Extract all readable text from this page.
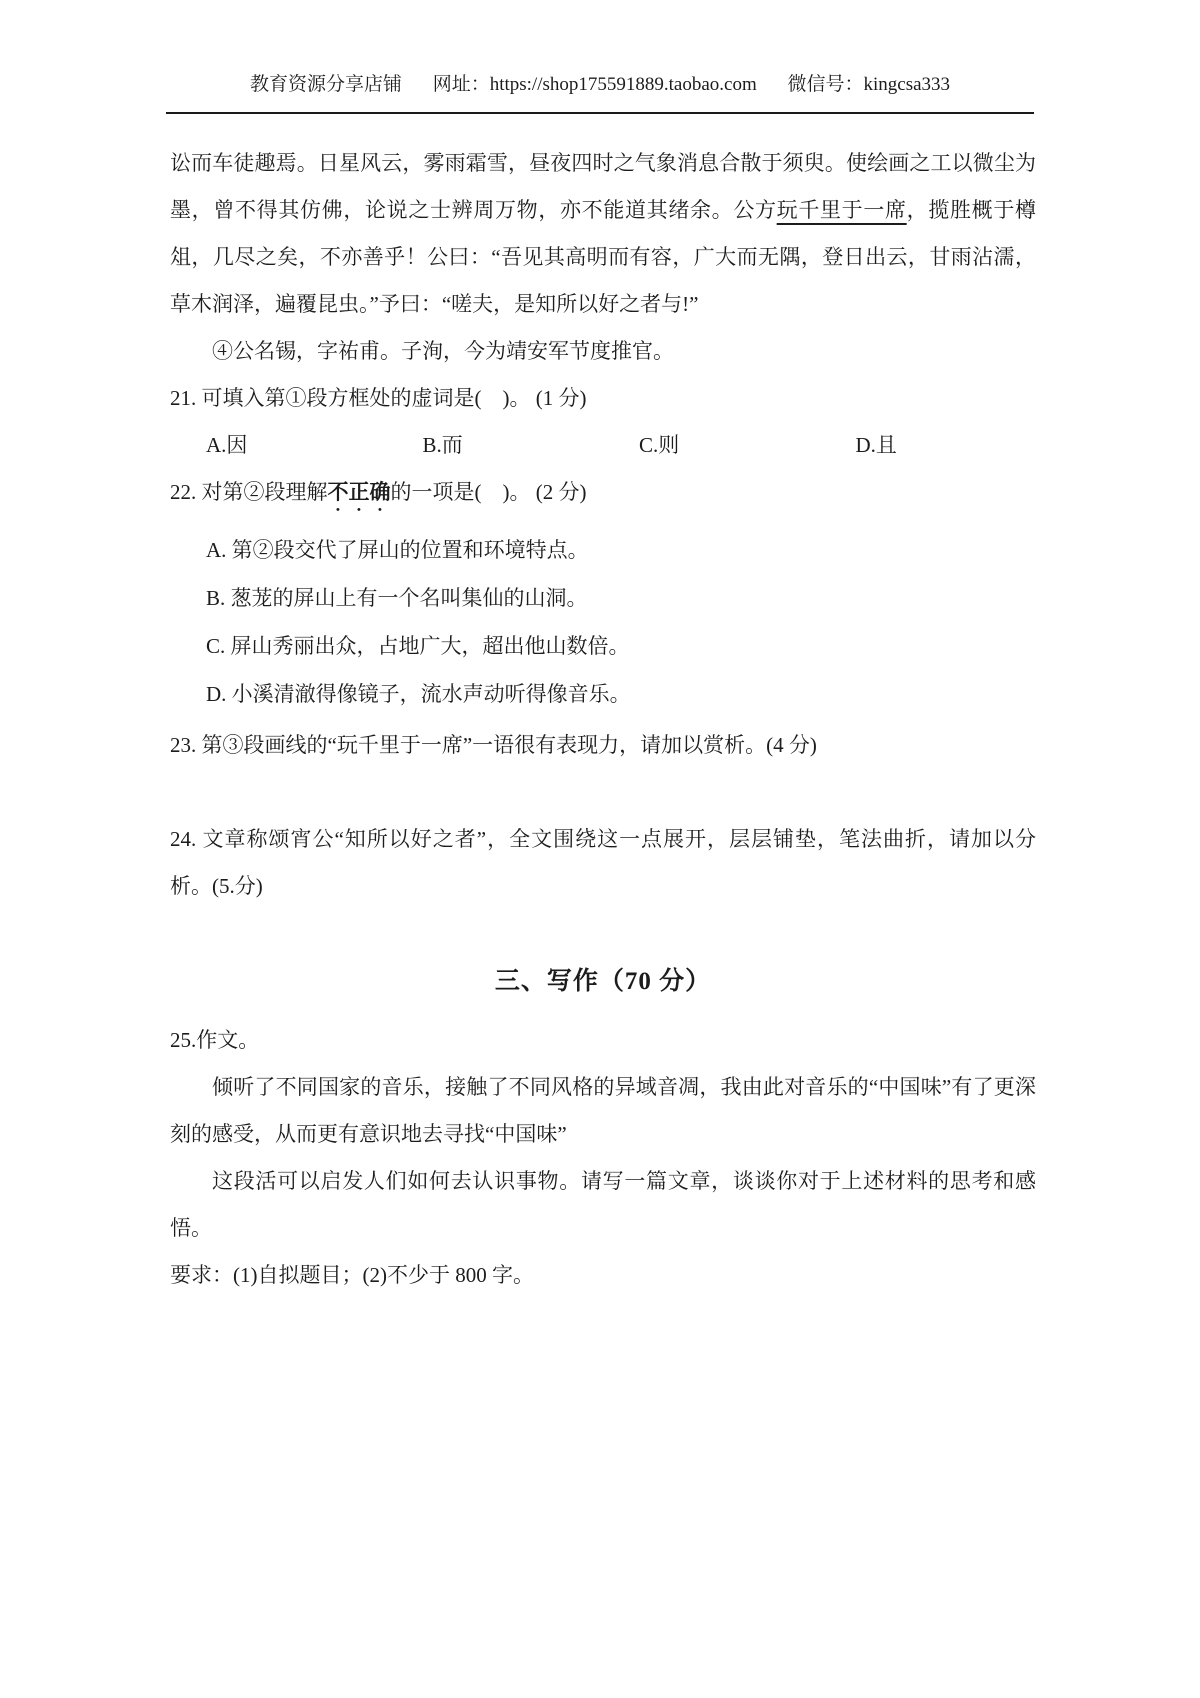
教育资源分享店铺 网址：https://shop175591889.taobao.com 微信号：kingcsa333

讼而车徒趣焉。日星风云，雾雨霜雪，昼夜四时之气象消息合散于须臾。使绘画之工以微尘为墨，曾不得其仿佛，论说之士辨周万物，亦不能道其绪余。公方玩千里于一席，揽胜概于樽俎，几尽之矣，不亦善乎！公曰：“吾见其高明而有容，广大而无隅，登日出云，甘雨沾濡，草木润泽，遍覆昆虫。”予曰：“嗟夫，是知所以好之者与!”

④公名锡，字祐甫。子洵，今为靖安军节度推官。

21. 可填入第①段方框处的虚词是(　)。 (1 分)
A.因	B.而	C.则	D.且
22. 对第②段理解不正确的一项是(　)。 (2 分)
A. 第②段交代了屏山的位置和环境特点。
B. 葱茏的屏山上有一个名叫集仙的山洞。
C. 屏山秀丽出众，占地广大，超出他山数倍。
D. 小溪清澈得像镜子，流水声动听得像音乐。
23. 第③段画线的“玩千里于一席”一语很有表现力，请加以赏析。(4 分)

24. 文章称颂宵公“知所以好之者”，全文围绕这一点展开，层层铺垫，笔法曲折，请加以分析。(5.分)

三、写作（70 分）
25.作文。

倾听了不同国家的音乐，接触了不同风格的异域音凋，我由此对音乐的“中国味”有了更深刻的感受，从而更有意识地去寻找“中国味”

这段活可以启发人们如何去认识事物。请写一篇文章，谈谈你对于上述材料的思考和感悟。

要求：(1)自拟题目；(2)不少于 800 字。
